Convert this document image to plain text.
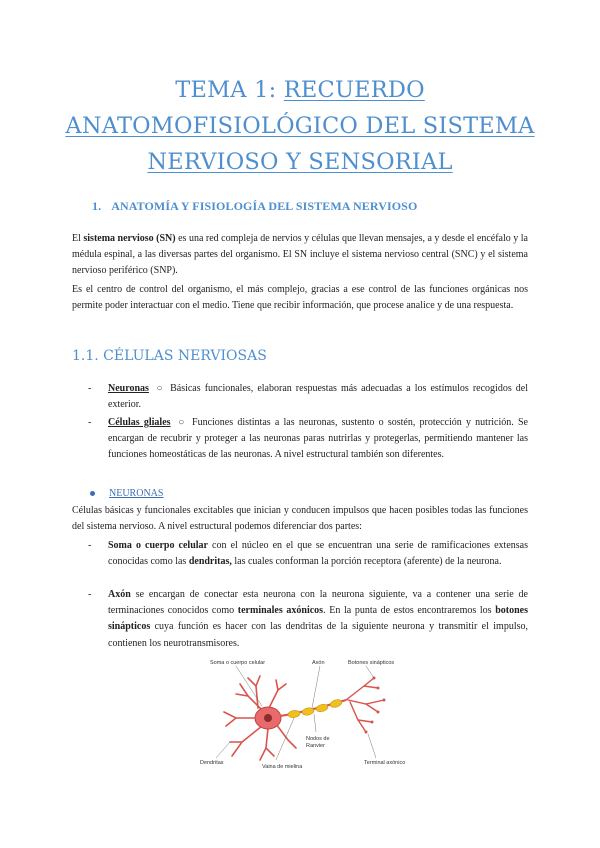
TEMA 1: RECUERDO
ANATOMOFISIOLÓGICO DEL SISTEMA
NERVIOSO Y SENSORIAL
1. ANATOMÍA Y FISIOLOGÍA DEL SISTEMA NERVIOSO

El sistema nervioso (SN) es una red compleja de nervios y células que llevan mensajes, a y desde el encéfalo y la médula espinal, a las diversas partes del organismo. El SN incluye el sistema nervioso central (SNC) y el sistema nervioso periférico (SNP).

Es el centro de control del organismo, el más complejo, gracias a ese control de las funciones orgánicas nos permite poder interactuar con el medio. Tiene que recibir información, que procese analice y de una respuesta.

1.1. CÉLULAS NERVIOSAS
- Neuronas ○ Básicas funcionales, elaboran respuestas más adecuadas a los estímulos recogidos del exterior.
- Células gliales ○ Funciones distintas a las neuronas, sustento o sostén, protección y nutrición. Se encargan de recubrir y proteger a las neuronas paras nutrirlas y protegerlas, permitiendo mantener las funciones homeostáticas de las neuronas. A nivel estructural también son diferentes.
NEURONAS

Células básicas y funcionales excitables que inician y conducen impulsos que hacen posibles todas las funciones del sistema nervioso. A nivel estructural podemos diferenciar dos partes:

- Soma o cuerpo celular con el núcleo en el que se encuentran una serie de ramificaciones extensas conocidas como las dendritas, las cuales conforman la porción receptora (aferente) de la neurona.
- Axón se encargan de conectar esta neurona con la neurona siguiente, va a contener una serie de terminaciones conocidos como terminales axónicos. En la punta de estos encontraremos los botones sinápticos cuya función es hacer con las dendritas de la siguiente neurona y transmitir el impulso, contienen los neurotransmisores.
Soma o cuerpo celular	Axón	Botones sinápticos
Nodos de
Ranvier
Dendritas
Vaina de mielina
Terminal axónico
